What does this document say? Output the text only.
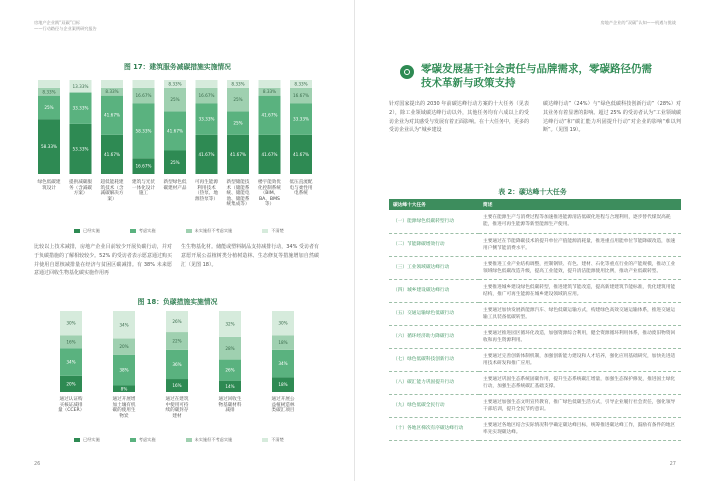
房地产企业践“双碳”目标
——行动路径与企业案例研究报告
图 17：建筑服务减碳措施实施情况
58.33%
25%
8.33%
53.33%
33.33%
13.33%
41.67%
41.67%
8.33%
16.67%
58.33%
16.67%
25%
41.67%
25%
8.33%
41.67%
33.33%
16.67%
41.67%
25%
25%
8.33%
41.67%
41.67%
8.33%
41.67%
33.33%
16.67%
8.33%
绿色低碳建筑设计
提供减碳服务（含减碳方案）
超低能耗建筑技术（含减碳解决方案）
建筑与光伏一体化设计施工
新型绿色低碳建材产品
可再生能源利用技术（热泵、地源热泵等）
新型储能技术（储能系统、储能电池、储能系统集成等）
楼宇能效优化控制系统（BIM、BA、BMS等）
低压直流配电与柔性用电系统
已经实施	考虑实施	未实施但不考虑实施	不清楚
比较以上技术减排，房地产企业目前较少开展负碳行动，并对于负碳措施的了解相较较少。52% 的受访者表示愿意通过购买并使用自愿核减排量在经济与贫困区碳减排。有 38% 未来愿意通过回收生物基化碳实施作用再
生生物基化材。储能或塑料制品支持减排行动，34% 受访者有意愿开展公益植树类分植树造林、生态修复等措施增加自然碳汇（见图 18）。
图 18：负碳措施实施情况
20%
34%
16%
30%
8%
38%
20%
34%
16%
36%
22%
26%
14%
26%
28%
32%
18%
34%
18%
30%
通过认证购买核证减排量（CCER）
通过开展增加土壤有机碳的使用生物炭
通过在建筑中使用可持续的碳封存建材
通过回收生物基碳材料减排
通过开展公益植树造林类碳汇项目
已经实施	考虑实施	未实施但不考虑实施	不清楚
26
房地产企业的“双碳”认知——机遇与挑战
零碳发展基于社会责任与品牌需求，零碳路径仍需技术革新与政策支持
针对国家提出的 2030 年前碳达峰行动方案的十大任务（见表 2），除工业领域碳达峰行动以外，其他任务均有六成以上的受访企业为对其感受与发展有着正面影响。在十大任务中，更多的受访企业认为“城乡建设
碳达峰行动”（24%）与“绿色低碳科技创新行动”（28%）对其业务有着显著的影响。超过 25% 的受访者认为“工业领域碳达峰行动”和“碳汇能力巩固提升行动”对企业的影响“难以判断”。（见图 19）。
表 2：碳达峰十大任务
碳达峰十大任务	简述
（一）能源绿色低碳转型行动	主要在能源生产与消费过程等加速推进能源清洁低碳化进程与合理利用，逐步替代煤炭高耗能，推进可再生能源等新型能源生产使用。
（二）节能降碳增效行动	主要通过在节能降碳技术的提升单位产值能源消耗量，推进重点用能单位节能降碳改造，加速用户侧节能消费水平。
（三）工业领域碳达峰行动	主要推进工业产业结构调整，控制钢铁、有色、建材、石化等重点行业的产能规模，推动工业领域绿色低碳改造升级，提高工业能效，提升清洁能源使用比例，推动产业低碳转型。
（四）城乡建设碳达峰行动	主要推进城乡建设绿色低碳转型，推进建筑节能改造，提高新建建筑节能标准，优化建筑用能结构，推广可再生能源在城乡建设领域的应用。
（五）交通运输绿色低碳行动	主要通过加快发展新能源汽车、绿色低碳运输方式，构建绿色高效交通运输体系，推进交通运输工具装备低碳转型。
（六）循环经济助力降碳行动	主要通过推进园区循环化改造，加强资源综合利用，健全资源循环利用体系，推动废旧物资回收和再生资源利用。
（七）绿色低碳科技创新行动	主要通过完善创新体制机制，加强创新能力建设和人才培养，强化应用基础研究，加快先进适用技术研发和推广应用。
（八）碳汇能力巩固提升行动	主要通过巩固生态系统固碳作用，提升生态系统碳汇增量，加强生态保护修复，推进国土绿化行动，加强生态系统碳汇基础支撑。
（九）绿色低碳全民行动	主要通过加强生态文明宣传教育，推广绿色低碳生活方式，引导企业履行社会责任，强化领导干部培训，提升全民节约意识。
（十）各地区梯次有序碳达峰行动	主要通过各地区结合实际情况科学确定碳达峰目标，统筹推进碳达峰工作，鼓励有条件的地区率先实现碳达峰。
27
